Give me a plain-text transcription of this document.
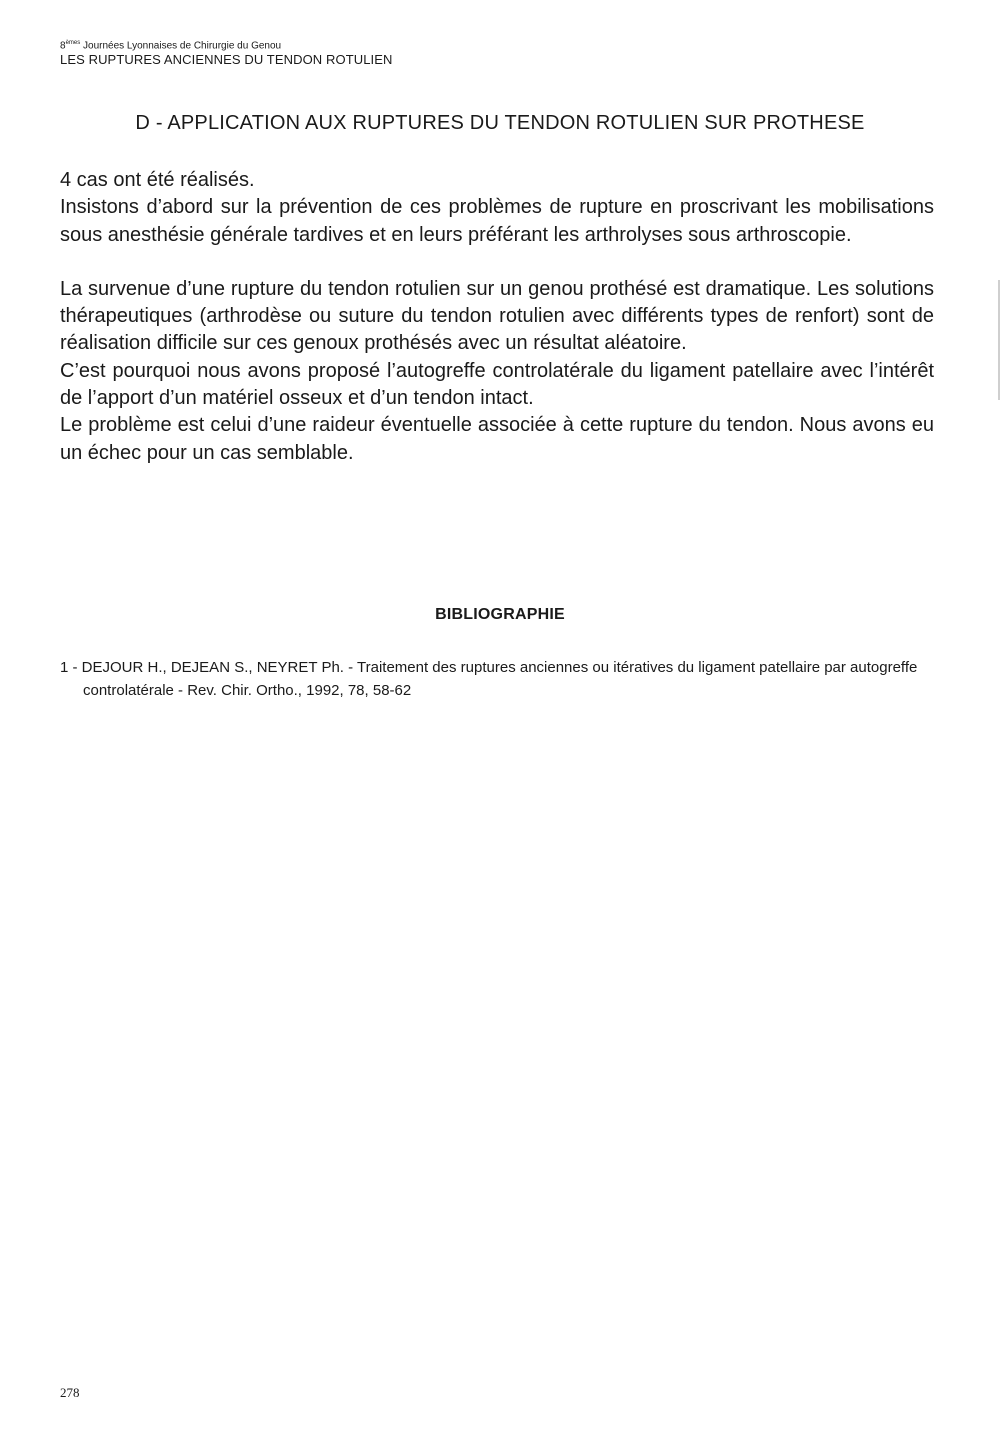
8èmes Journées Lyonnaises de Chirurgie du Genou
LES RUPTURES ANCIENNES DU TENDON ROTULIEN
D - APPLICATION AUX RUPTURES DU TENDON ROTULIEN SUR PROTHESE

4 cas ont été réalisés.

Insistons d’abord sur la prévention de ces problèmes de rupture en proscrivant les mobilisations sous anesthésie générale tardives et en leurs préférant les arthrolyses sous arthroscopie.

La survenue d’une rupture du tendon rotulien sur un genou prothésé est dramatique. Les solutions thérapeutiques (arthrodèse ou suture du tendon rotulien avec différents types de renfort) sont de réalisation difficile sur ces genoux prothésés avec un résultat aléatoire.

C’est pourquoi nous avons proposé l’autogreffe controlatérale du ligament patellaire avec l’intérêt de l’apport d’un matériel osseux et d’un tendon intact.

Le problème est celui d’une raideur éventuelle associée à cette rupture du tendon. Nous avons eu un échec pour un cas semblable.

BIBLIOGRAPHIE
1 - DEJOUR H., DEJEAN S., NEYRET Ph. - Traitement des ruptures anciennes ou itératives du ligament patellaire par autogreffe controlatérale - Rev. Chir. Ortho., 1992, 78, 58-62
278
